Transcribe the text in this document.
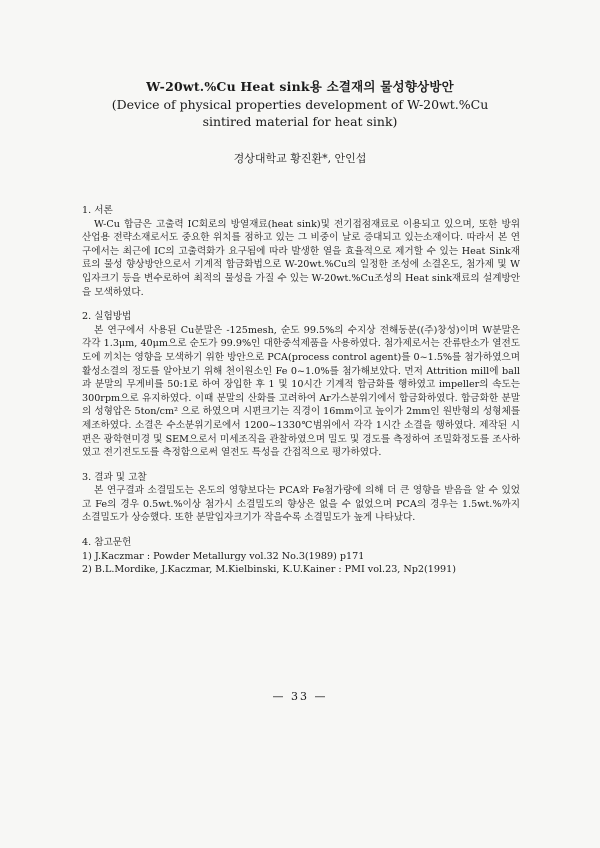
W-20wt.%Cu Heat sink용 소결재의 물성향상방안
(Device of physical properties development of W-20wt.%Cu
sintired material for heat sink)
경상대학교 황진환*, 안인섭
1. 서론

W-Cu 합금은 고출력 IC회로의 방열재료(heat sink)및 전기접점재료로 이용되고 있으며, 또한 방위 산업용 전략소재로서도 중요한 위치를 점하고 있는 그 비중이 날로 증대되고 있는소재이다. 따라서 본 연구에서는 최근에 IC의 고출력화가 요구됨에 따라 발생한 열을 효율적으로 제거할 수 있는 Heat Sink재료의 물성 향상방안으로서 기계적 합금화법으로 W-20wt.%Cu의 일정한 조성에 소결온도, 첨가제 및 W입자크기 등을 변수로하여 최적의 물성을 가질 수 있는 W-20wt.%Cu조성의 Heat sink재료의 설계방안을 모색하였다.

2. 실험방법

본 연구에서 사용된 Cu분말은 -125mesh, 순도 99.5%의 수지상 전해동분((주)창성)이며 W분말은 각각 1.3μm, 40μm으로 순도가 99.9%인 대한중석제품을 사용하였다. 첨가제로서는 잔류탄소가 열전도도에 끼치는 영향을 모색하기 위한 방안으로 PCA(process control agent)를 0~1.5%를 첨가하였으며 활성소결의 정도를 알아보기 위해 천이원소인 Fe 0~1.0%를 첨가해보았다. 먼저 Attrition mill에 ball과 분말의 무게비를 50:1로 하여 장입한 후 1 및 10시간 기계적 합금화를 행하였고 impeller의 속도는 300rpm으로 유지하였다. 이때 분말의 산화를 고려하여 Ar가스분위기에서 합금화하였다. 합금화한 분말의 성형압은 5ton/cm² 으로 하였으며 시편크기는 직경이 16mm이고 높이가 2mm인 원반형의 성형체를 제조하였다. 소결은 수소분위기로에서 1200~1330℃범위에서 각각 1시간 소결을 행하였다. 제작된 시편은 광학현미경 및 SEM으로서 미세조직을 관찰하였으며 밀도 및 경도를 측정하여 조밀화정도를 조사하였고 전기전도도를 측정함으로써 열전도 특성을 간접적으로 평가하였다.

3. 결과 및 고찰

본 연구결과 소결밀도는 온도의 영향보다는 PCA와 Fe첨가량에 의해 더 큰 영향을 받음을 알 수 있었고 Fe의 경우 0.5wt.%이상 첨가시 소결밀도의 향상은 없을 수 없었으며 PCA의 경우는 1.5wt.%까지 소결밀도가 상승했다. 또한 분말입자크기가 작을수록 소결밀도가 높게 나타났다.

4. 참고문헌
1) J.Kaczmar : Powder Metallurgy vol.32 No.3(1989) p171
2) B.L.Mordike, J.Kaczmar, M.Kielbinski, K.U.Kainer : PMI vol.23, Np2(1991)
— 33 —
